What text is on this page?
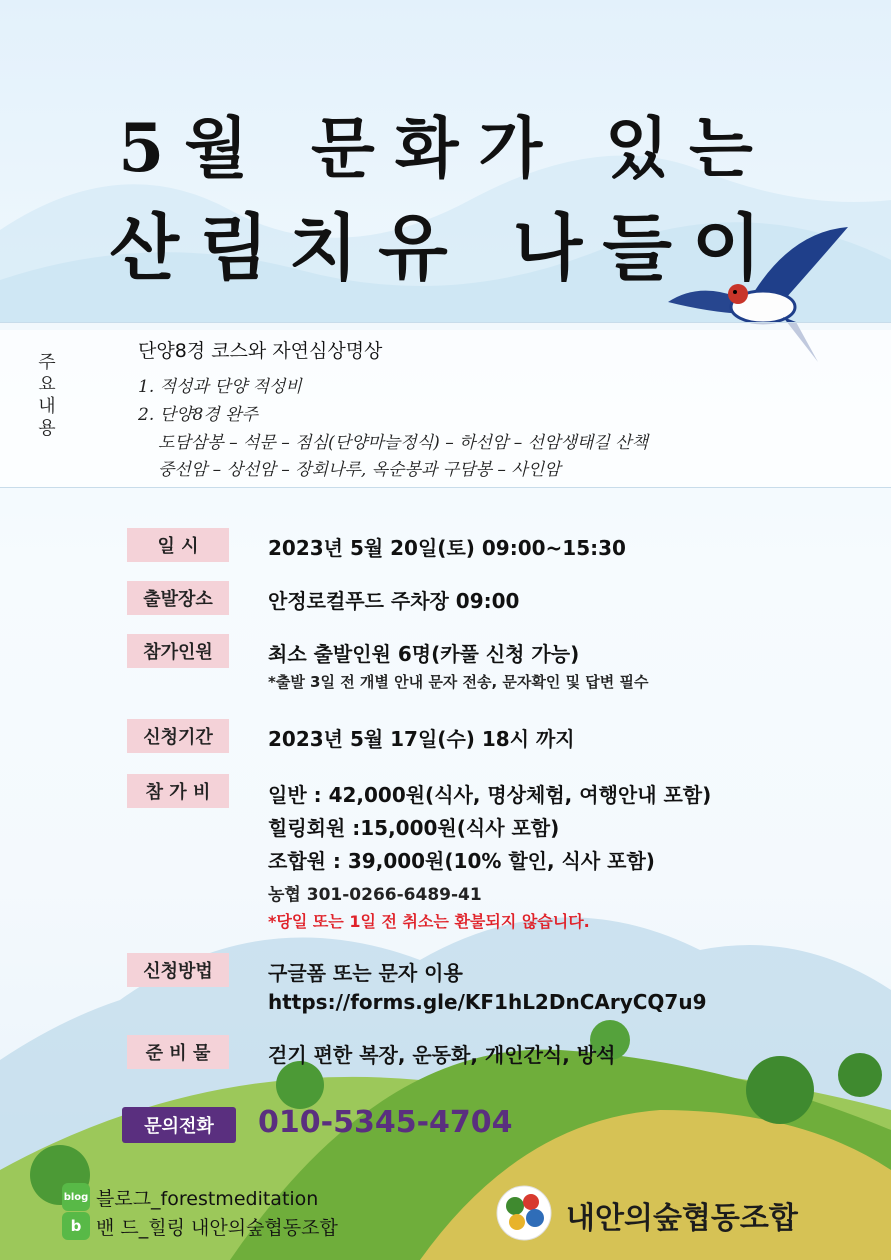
5월 문화가 있는
산림치유 나들이
주
요
내
용
단양8경 코스와 자연심상명상
1. 적성과 단양 적성비
2. 단양8경 완주
도담삼봉 – 석문 – 점심(단양마늘정식) – 하선암 – 선암생태길 산책
중선암 – 상선암 – 장회나루, 옥순봉과 구담봉 – 사인암
일 시	2023년 5월 20일(토) 09:00~15:30
출발장소	안정로컬푸드 주차장 09:00
참가인원	최소 출발인원 6명(카풀 신청 가능)
*출발 3일 전 개별 안내 문자 전송, 문자확인 및 답변 필수
신청기간	2023년 5월 17일(수) 18시 까지
참 가 비	일반 : 42,000원(식사, 명상체험, 여행안내 포함)
힐링회원 :15,000원(식사 포함)
조합원 : 39,000원(10% 할인, 식사 포함)
농협 301-0266-6489-41
*당일 또는 1일 전 취소는 환불되지 않습니다.
신청방법	구글폼 또는 문자 이용
https://forms.gle/KF1hL2DnCAryCQ7u9
준 비 물	걷기 편한 복장, 운동화, 개인간식, 방석
문의전화	010-5345-4704
blog 블로그_forestmeditation
b 밴 드_힐링 내안의숲협동조합	내안의숲협동조합
